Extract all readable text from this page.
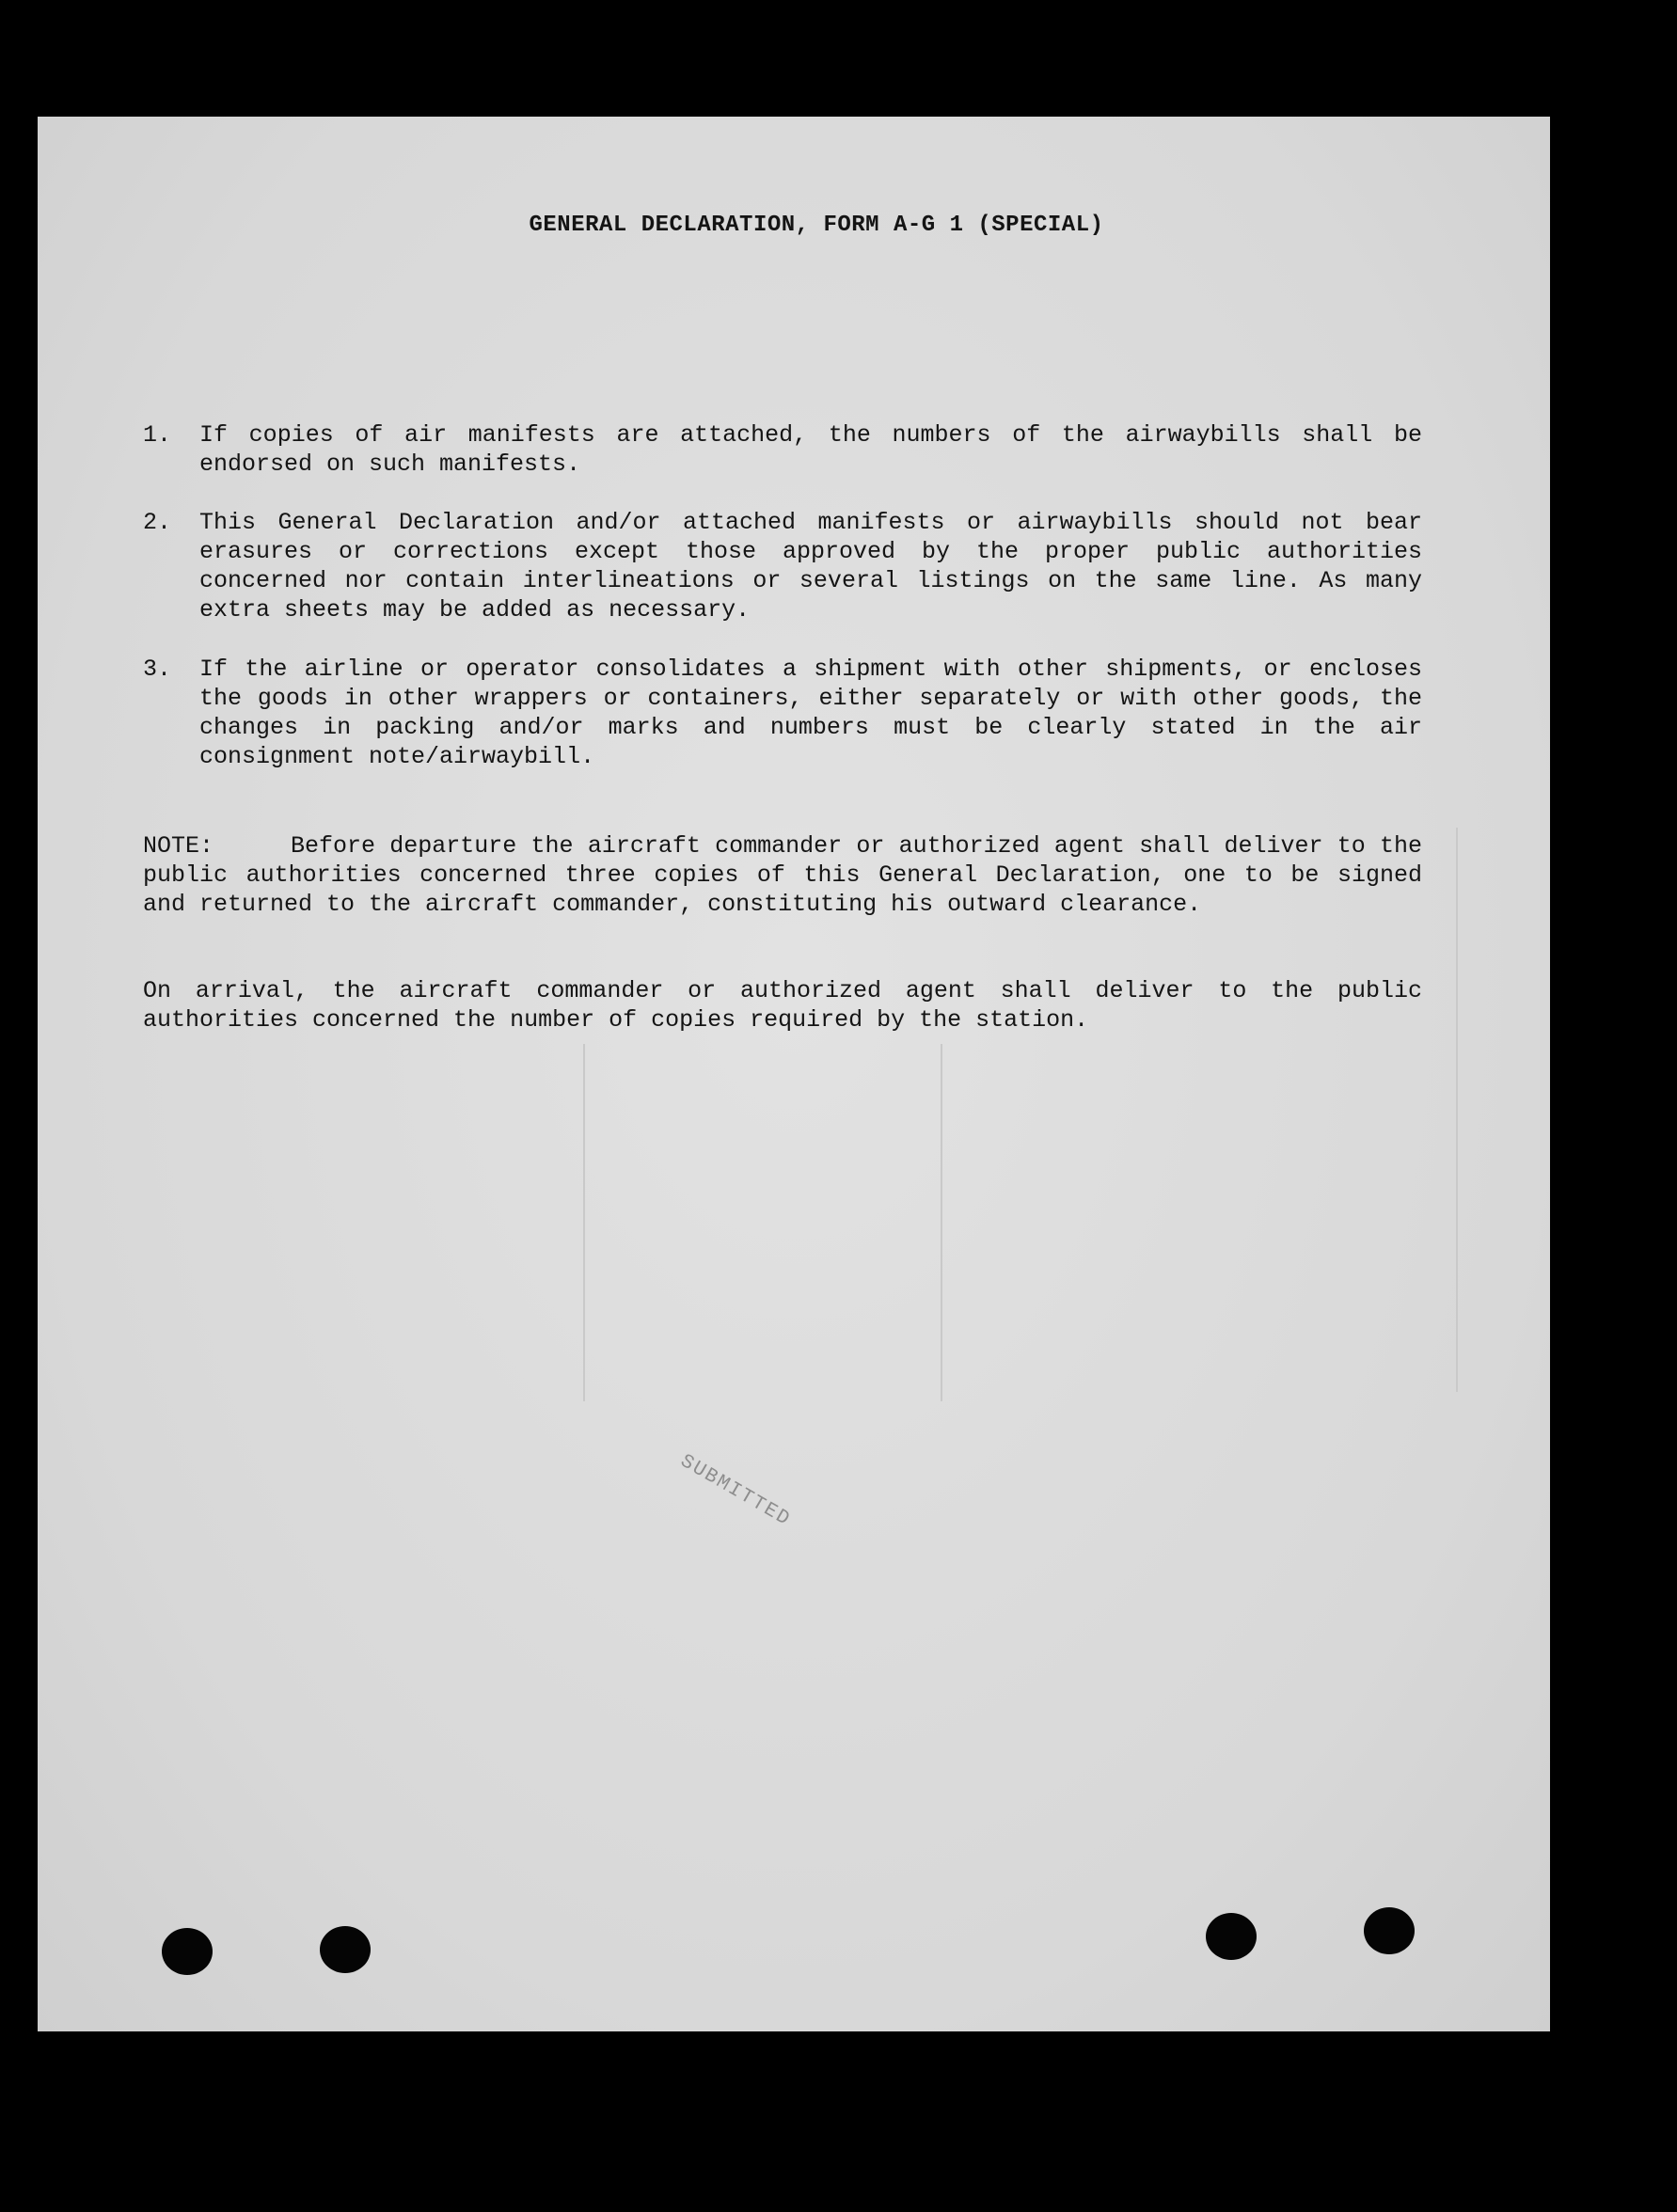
GENERAL DECLARATION, FORM A-G 1 (SPECIAL)
1. If copies of air manifests are attached, the numbers of the airwaybills shall be endorsed on such manifests.
2. This General Declaration and/or attached manifests or airwaybills should not bear erasures or corrections except those approved by the proper public authorities concerned nor contain interlineations or several listings on the same line. As many extra sheets may be added as necessary.
3. If the airline or operator consolidates a shipment with other shipments, or encloses the goods in other wrappers or containers, either separately or with other goods, the changes in packing and/or marks and numbers must be clearly stated in the air consignment note/airwaybill.
NOTE:	Before departure the aircraft commander or authorized agent shall deliver to the public authorities concerned three copies of this General Declaration, one to be signed and returned to the aircraft commander, constituting his outward clearance.
On arrival, the aircraft commander or authorized agent shall deliver to the public authorities concerned the number of copies required by the station.
SUBMITTED
